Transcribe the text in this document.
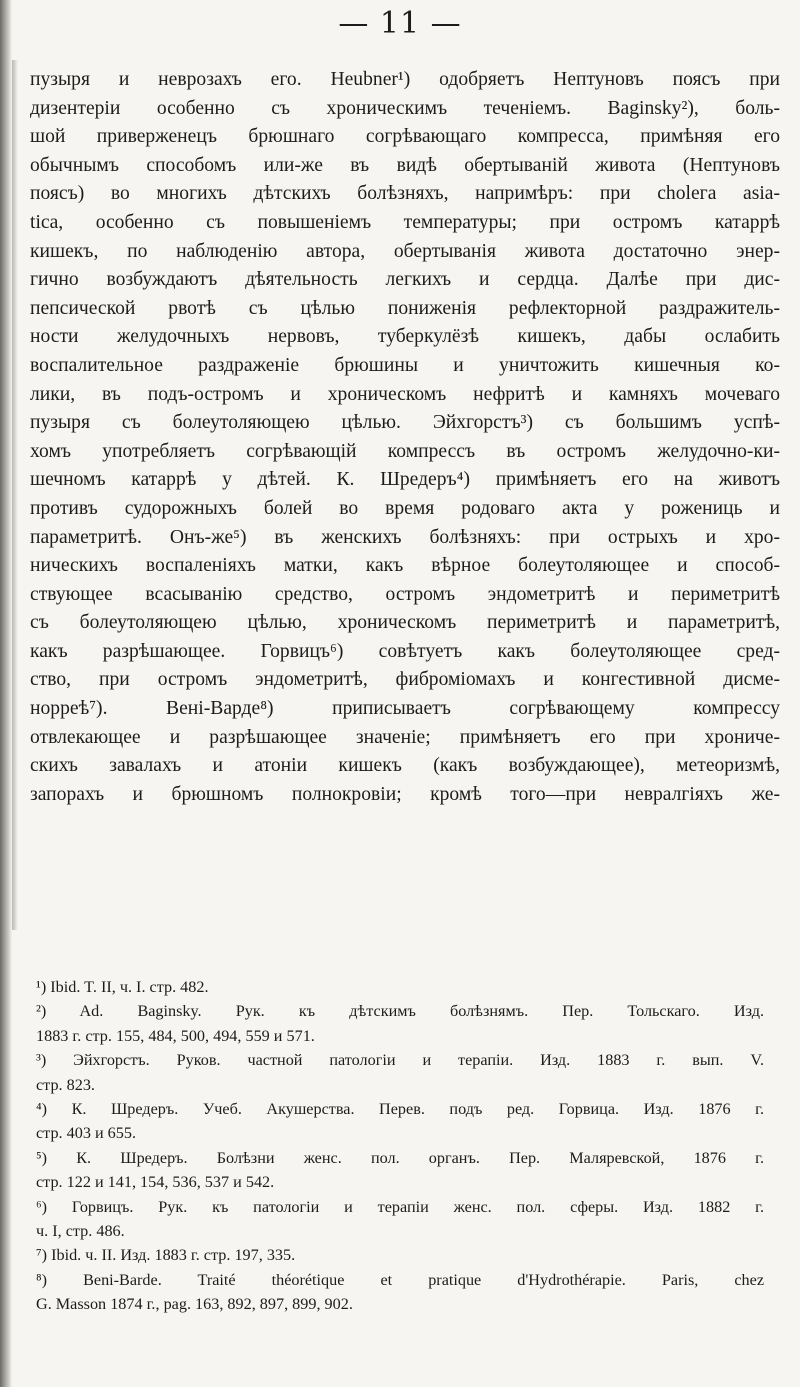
— 11 —
пузыря и неврозахъ его. Heubner¹) одобряетъ Нептуновъ поясъ при
дизентеріи особенно съ хроническимъ теченіемъ. Baginsky²), боль-
шой приверженецъ брюшнаго согрѣвающаго компресса, примѣняя его
обычнымъ способомъ или-же въ видѣ обертываній живота (Нептуновъ
поясъ) во многихъ дѣтскихъ болѣзняхъ, напримѣръ: при choleга asia-
tica, особенно съ повышеніемъ температуры; при остромъ катаррѣ
кишекъ, по наблюденію автора, обертыванія живота достаточно энер-
гично возбуждаютъ дѣятельность легкихъ и сердца. Далѣе при дис-
пепсической рвотѣ съ цѣлью пониженія рефлекторной раздражитель-
ности желудочныхъ нервовъ, туберкулёзѣ кишекъ, дабы ослабить
воспалительное раздраженіе брюшины и уничтожить кишечныя ко-
лики, въ подъ-остромъ и хроническомъ нефритѣ и камняхъ мочеваго
пузыря съ болеутоляющею цѣлью. Эйхгорстъ³) съ большимъ успѣ-
хомъ употребляетъ согрѣвающій компрессъ въ остромъ желудочно-ки-
шечномъ катаррѣ у дѣтей. К. Шредеръ⁴) примѣняетъ его на животъ
противъ судорожныхъ болей во время родоваго акта у рожениць и
параметритѣ. Онъ-же⁵) въ женскихъ болѣзняхъ: при острыхъ и хро-
ническихъ воспаленіяхъ матки, какъ вѣрное болеутоляющее и способ-
ствующее всасыванію средство, остромъ эндометритѣ и периметритѣ
съ болеутоляющею цѣлью, хроническомъ периметритѣ и параметритѣ,
какъ разрѣшающее. Горвицъ⁶) совѣтуетъ какъ болеутоляющее сред-
ство, при остромъ эндометритѣ, фиброміомахъ и конгестивной дисме-
норреѣ⁷). Вені-Варде⁸) приписываетъ согрѣвающему компрессу
отвлекающее и разрѣшающее значеніе; примѣняетъ его при хрониче-
скихъ завалахъ и атоніи кишекъ (какъ возбуждающее), метеоризмѣ,
запорахъ и брюшномъ полнокровіи; кромѣ того—при невралгіяхъ же-
¹) Ibid. T. II, ч. I. стр. 482.
²) Ad. Baginsky. Рук. къ дѣтскимъ болѣзнямъ. Пер. Тольскаго. Изд.
1883 г. стр. 155, 484, 500, 494, 559 и 571.
³) Эйхгорстъ. Руков. частной патологіи и терапіи. Изд. 1883 г. вып. V.
стр. 823.
⁴) К. Шредеръ. Учеб. Акушерства. Перев. подъ ред. Горвица. Изд. 1876 г.
стр. 403 и 655.
⁵) К. Шредеръ. Болѣзни женс. пол. органъ. Пер. Маляревской, 1876 г.
стр. 122 и 141, 154, 536, 537 и 542.
⁶) Горвицъ. Рук. къ патологіи и терапіи женс. пол. сферы. Изд. 1882 г.
ч. I, стр. 486.
⁷) Ibid. ч. II. Изд. 1883 г. стр. 197, 335.
⁸) Beni-Barde. Traité théorétique et pratique d'Hydrothérapie. Paris, chez
G. Masson 1874 г., pag. 163, 892, 897, 899, 902.
